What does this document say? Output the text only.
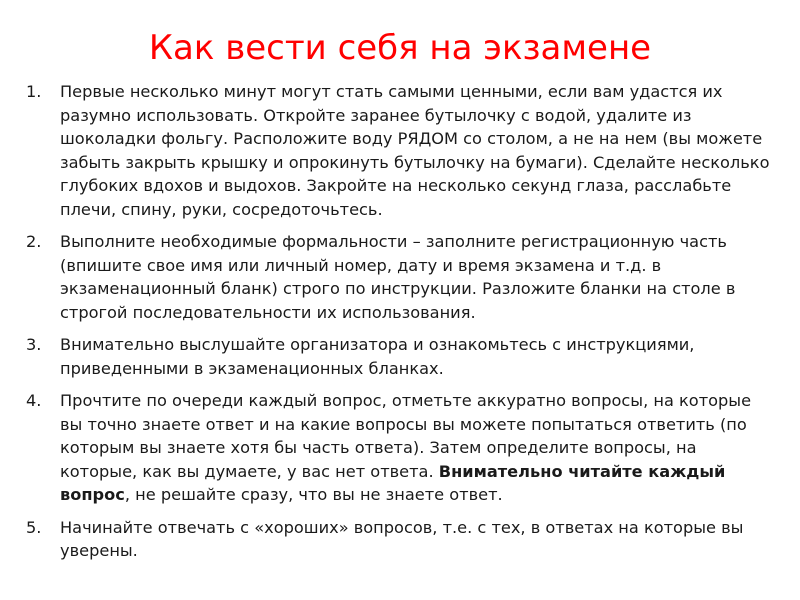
Как вести себя на экзамене
1.	Первые несколько минут могут стать самыми ценными, если вам удастся их разумно использовать. Откройте заранее бутылочку с водой, удалите из шоколадки фольгу. Расположите воду РЯДОМ со столом, а не на нем (вы можете забыть закрыть крышку и опрокинуть бутылочку на бумаги). Сделайте несколько глубоких вдохов и выдохов. Закройте на несколько секунд глаза, расслабьте плечи, спину, руки, сосредоточьтесь.
2.	Выполните необходимые формальности – заполните регистрационную часть (впишите свое имя или личный номер, дату и время экзамена и т.д. в экзаменационный бланк) строго по инструкции. Разложите бланки на столе в строгой последовательности их использования.
3.	Внимательно выслушайте организатора и ознакомьтесь с инструкциями, приведенными в экзаменационных бланках.
4.	Прочтите по очереди каждый вопрос, отметьте аккуратно вопросы, на которые вы точно знаете ответ и на какие вопросы вы можете попытаться ответить (по которым вы знаете хотя бы часть ответа). Затем определите вопросы, на которые, как вы думаете, у вас нет ответа. Внимательно читайте каждый вопрос, не решайте сразу, что вы не знаете ответ.
5.	Начинайте отвечать с «хороших» вопросов, т.е. с тех, в ответах на которые вы уверены.
